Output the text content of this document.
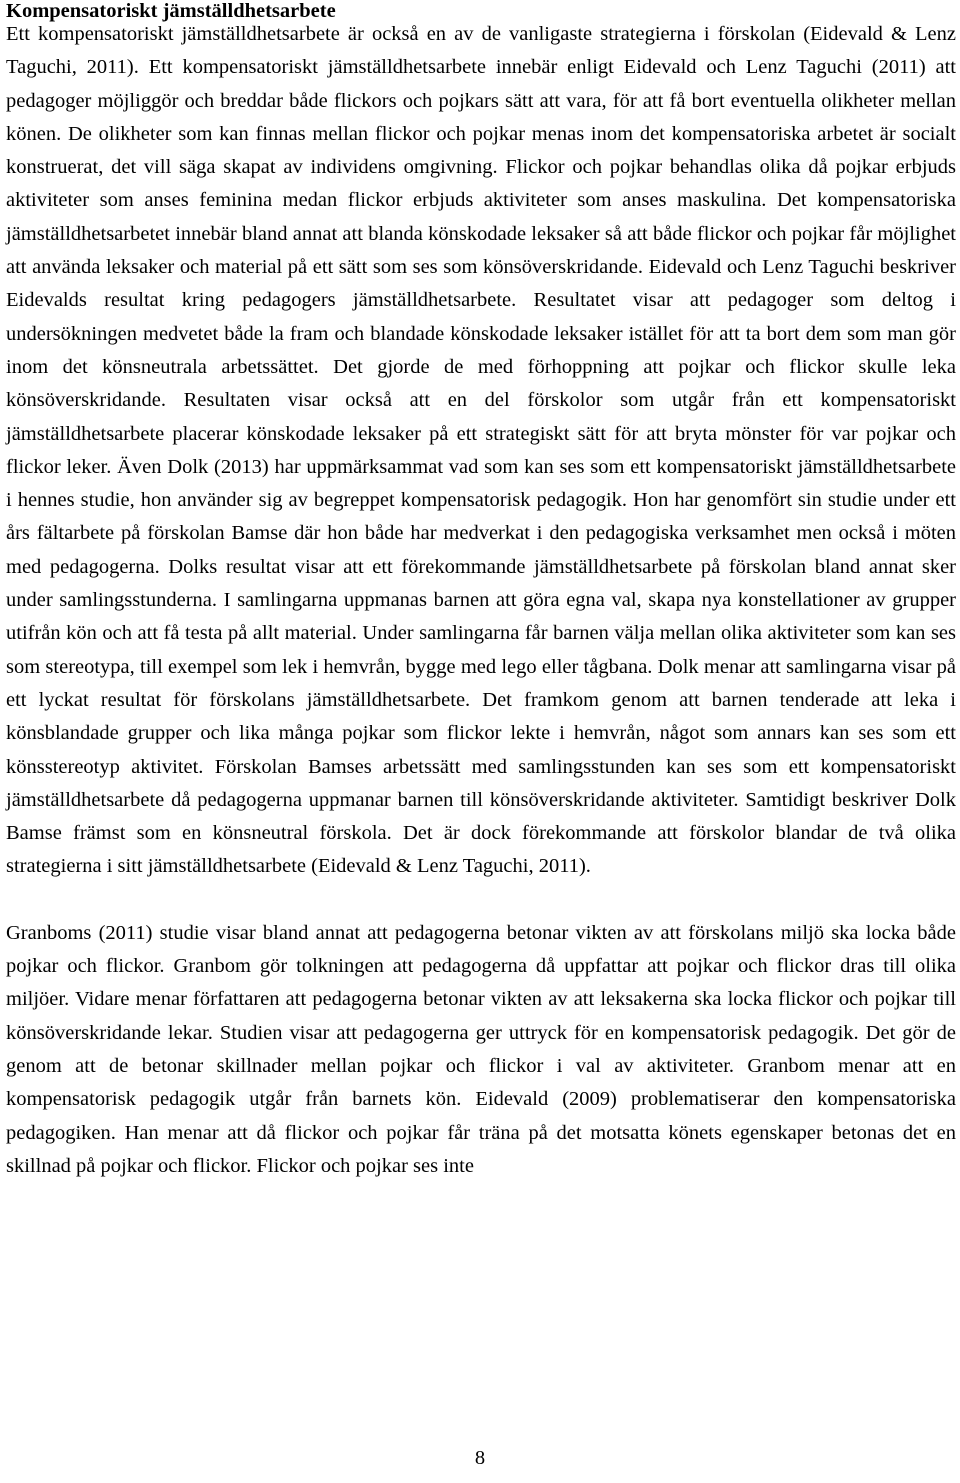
Kompensatoriskt jämställdhetsarbete

Ett kompensatoriskt jämställdhetsarbete är också en av de vanligaste strategierna i förskolan (Eidevald & Lenz Taguchi, 2011). Ett kompensatoriskt jämställdhetsarbete innebär enligt Eidevald och Lenz Taguchi (2011) att pedagoger möjliggör och breddar både flickors och pojkars sätt att vara, för att få bort eventuella olikheter mellan könen. De olikheter som kan finnas mellan flickor och pojkar menas inom det kompensatoriska arbetet är socialt konstruerat, det vill säga skapat av individens omgivning. Flickor och pojkar behandlas olika då pojkar erbjuds aktiviteter som anses feminina medan flickor erbjuds aktiviteter som anses maskulina. Det kompensatoriska jämställdhetsarbetet innebär bland annat att blanda könskodade leksaker så att både flickor och pojkar får möjlighet att använda leksaker och material på ett sätt som ses som könsöverskridande. Eidevald och Lenz Taguchi beskriver Eidevalds resultat kring pedagogers jämställdhetsarbete. Resultatet visar att pedagoger som deltog i undersökningen medvetet både la fram och blandade könskodade leksaker istället för att ta bort dem som man gör inom det könsneutrala arbetssättet. Det gjorde de med förhoppning att pojkar och flickor skulle leka könsöverskridande. Resultaten visar också att en del förskolor som utgår från ett kompensatoriskt jämställdhetsarbete placerar könskodade leksaker på ett strategiskt sätt för att bryta mönster för var pojkar och flickor leker. Även Dolk (2013) har uppmärksammat vad som kan ses som ett kompensatoriskt jämställdhetsarbete i hennes studie, hon använder sig av begreppet kompensatorisk pedagogik. Hon har genomfört sin studie under ett års fältarbete på förskolan Bamse där hon både har medverkat i den pedagogiska verksamhet men också i möten med pedagogerna. Dolks resultat visar att ett förekommande jämställdhetsarbete på förskolan bland annat sker under samlingsstunderna. I samlingarna uppmanas barnen att göra egna val, skapa nya konstellationer av grupper utifrån kön och att få testa på allt material. Under samlingarna får barnen välja mellan olika aktiviteter som kan ses som stereotypa, till exempel som lek i hemvrån, bygge med lego eller tågbana. Dolk menar att samlingarna visar på ett lyckat resultat för förskolans jämställdhetsarbete. Det framkom genom att barnen tenderade att leka i könsblandade grupper och lika många pojkar som flickor lekte i hemvrån, något som annars kan ses som ett könsstereotyp aktivitet. Förskolan Bamses arbetssätt med samlingsstunden kan ses som ett kompensatoriskt jämställdhetsarbete då pedagogerna uppmanar barnen till könsöverskridande aktiviteter. Samtidigt beskriver Dolk Bamse främst som en könsneutral förskola. Det är dock förekommande att förskolor blandar de två olika strategierna i sitt jämställdhetsarbete (Eidevald & Lenz Taguchi, 2011).

Granboms (2011) studie visar bland annat att pedagogerna betonar vikten av att förskolans miljö ska locka både pojkar och flickor. Granbom gör tolkningen att pedagogerna då uppfattar att pojkar och flickor dras till olika miljöer. Vidare menar författaren att pedagogerna betonar vikten av att leksakerna ska locka flickor och pojkar till könsöverskridande lekar. Studien visar att pedagogerna ger uttryck för en kompensatorisk pedagogik. Det gör de genom att de betonar skillnader mellan pojkar och flickor i val av aktiviteter. Granbom menar att en kompensatorisk pedagogik utgår från barnets kön. Eidevald (2009) problematiserar den kompensatoriska pedagogiken. Han menar att då flickor och pojkar får träna på det motsatta könets egenskaper betonas det en skillnad på pojkar och flickor. Flickor och pojkar ses inte

8
